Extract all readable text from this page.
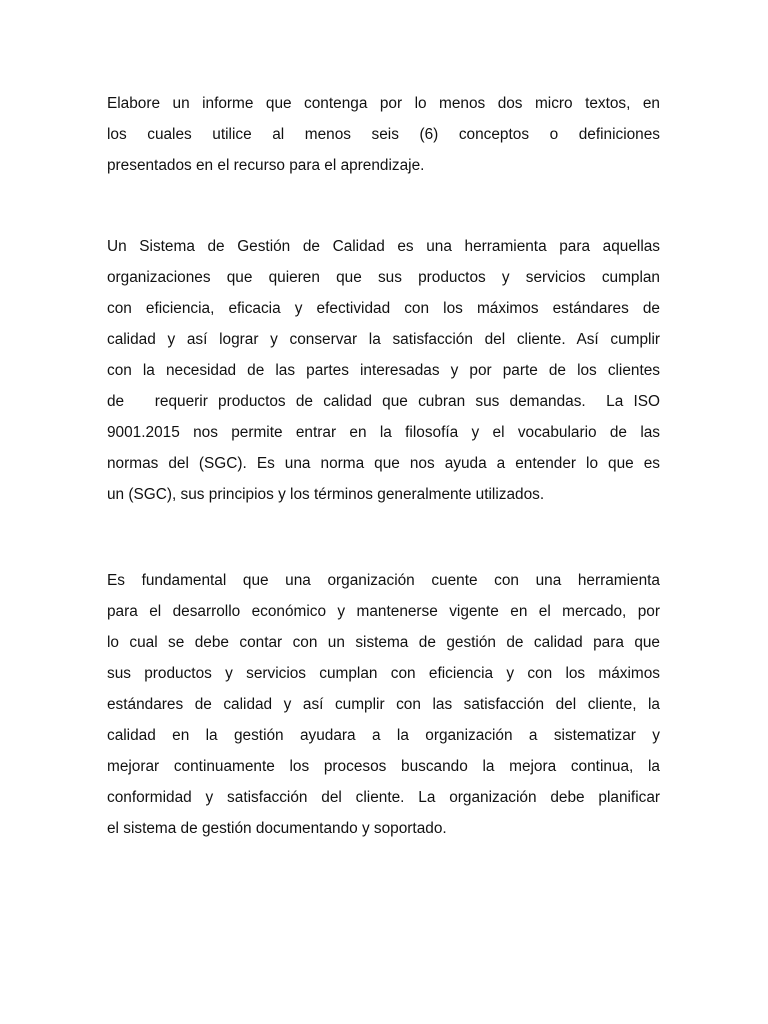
Elabore un informe que contenga por lo menos dos micro textos, en
los cuales utilice al menos seis (6) conceptos o definiciones
presentados en el recurso para el aprendizaje.

Un Sistema de Gestión de Calidad es una herramienta para aquellas
organizaciones que quieren que sus productos y servicios cumplan
con eficiencia, eficacia y efectividad con los máximos estándares de
calidad y así lograr y conservar la satisfacción del cliente. Así cumplir
con la necesidad de las partes interesadas y por parte de los clientes
de   requerir productos de calidad que cubran sus demandas.  La ISO
9001.2015 nos permite entrar en la filosofía y el vocabulario de las
normas del (SGC). Es una norma que nos ayuda a entender lo que es
un (SGC), sus principios y los términos generalmente utilizados.

Es fundamental que una organización cuente con una herramienta
para el desarrollo económico y mantenerse vigente en el mercado, por
lo cual se debe contar con un sistema de gestión de calidad para que
sus productos y servicios cumplan con eficiencia y con los máximos
estándares de calidad y así cumplir con las satisfacción del cliente, la
calidad en la gestión ayudara a la organización a sistematizar y
mejorar continuamente los procesos buscando la mejora continua, la
conformidad y satisfacción del cliente. La organización debe planificar
el sistema de gestión documentando y soportado.
